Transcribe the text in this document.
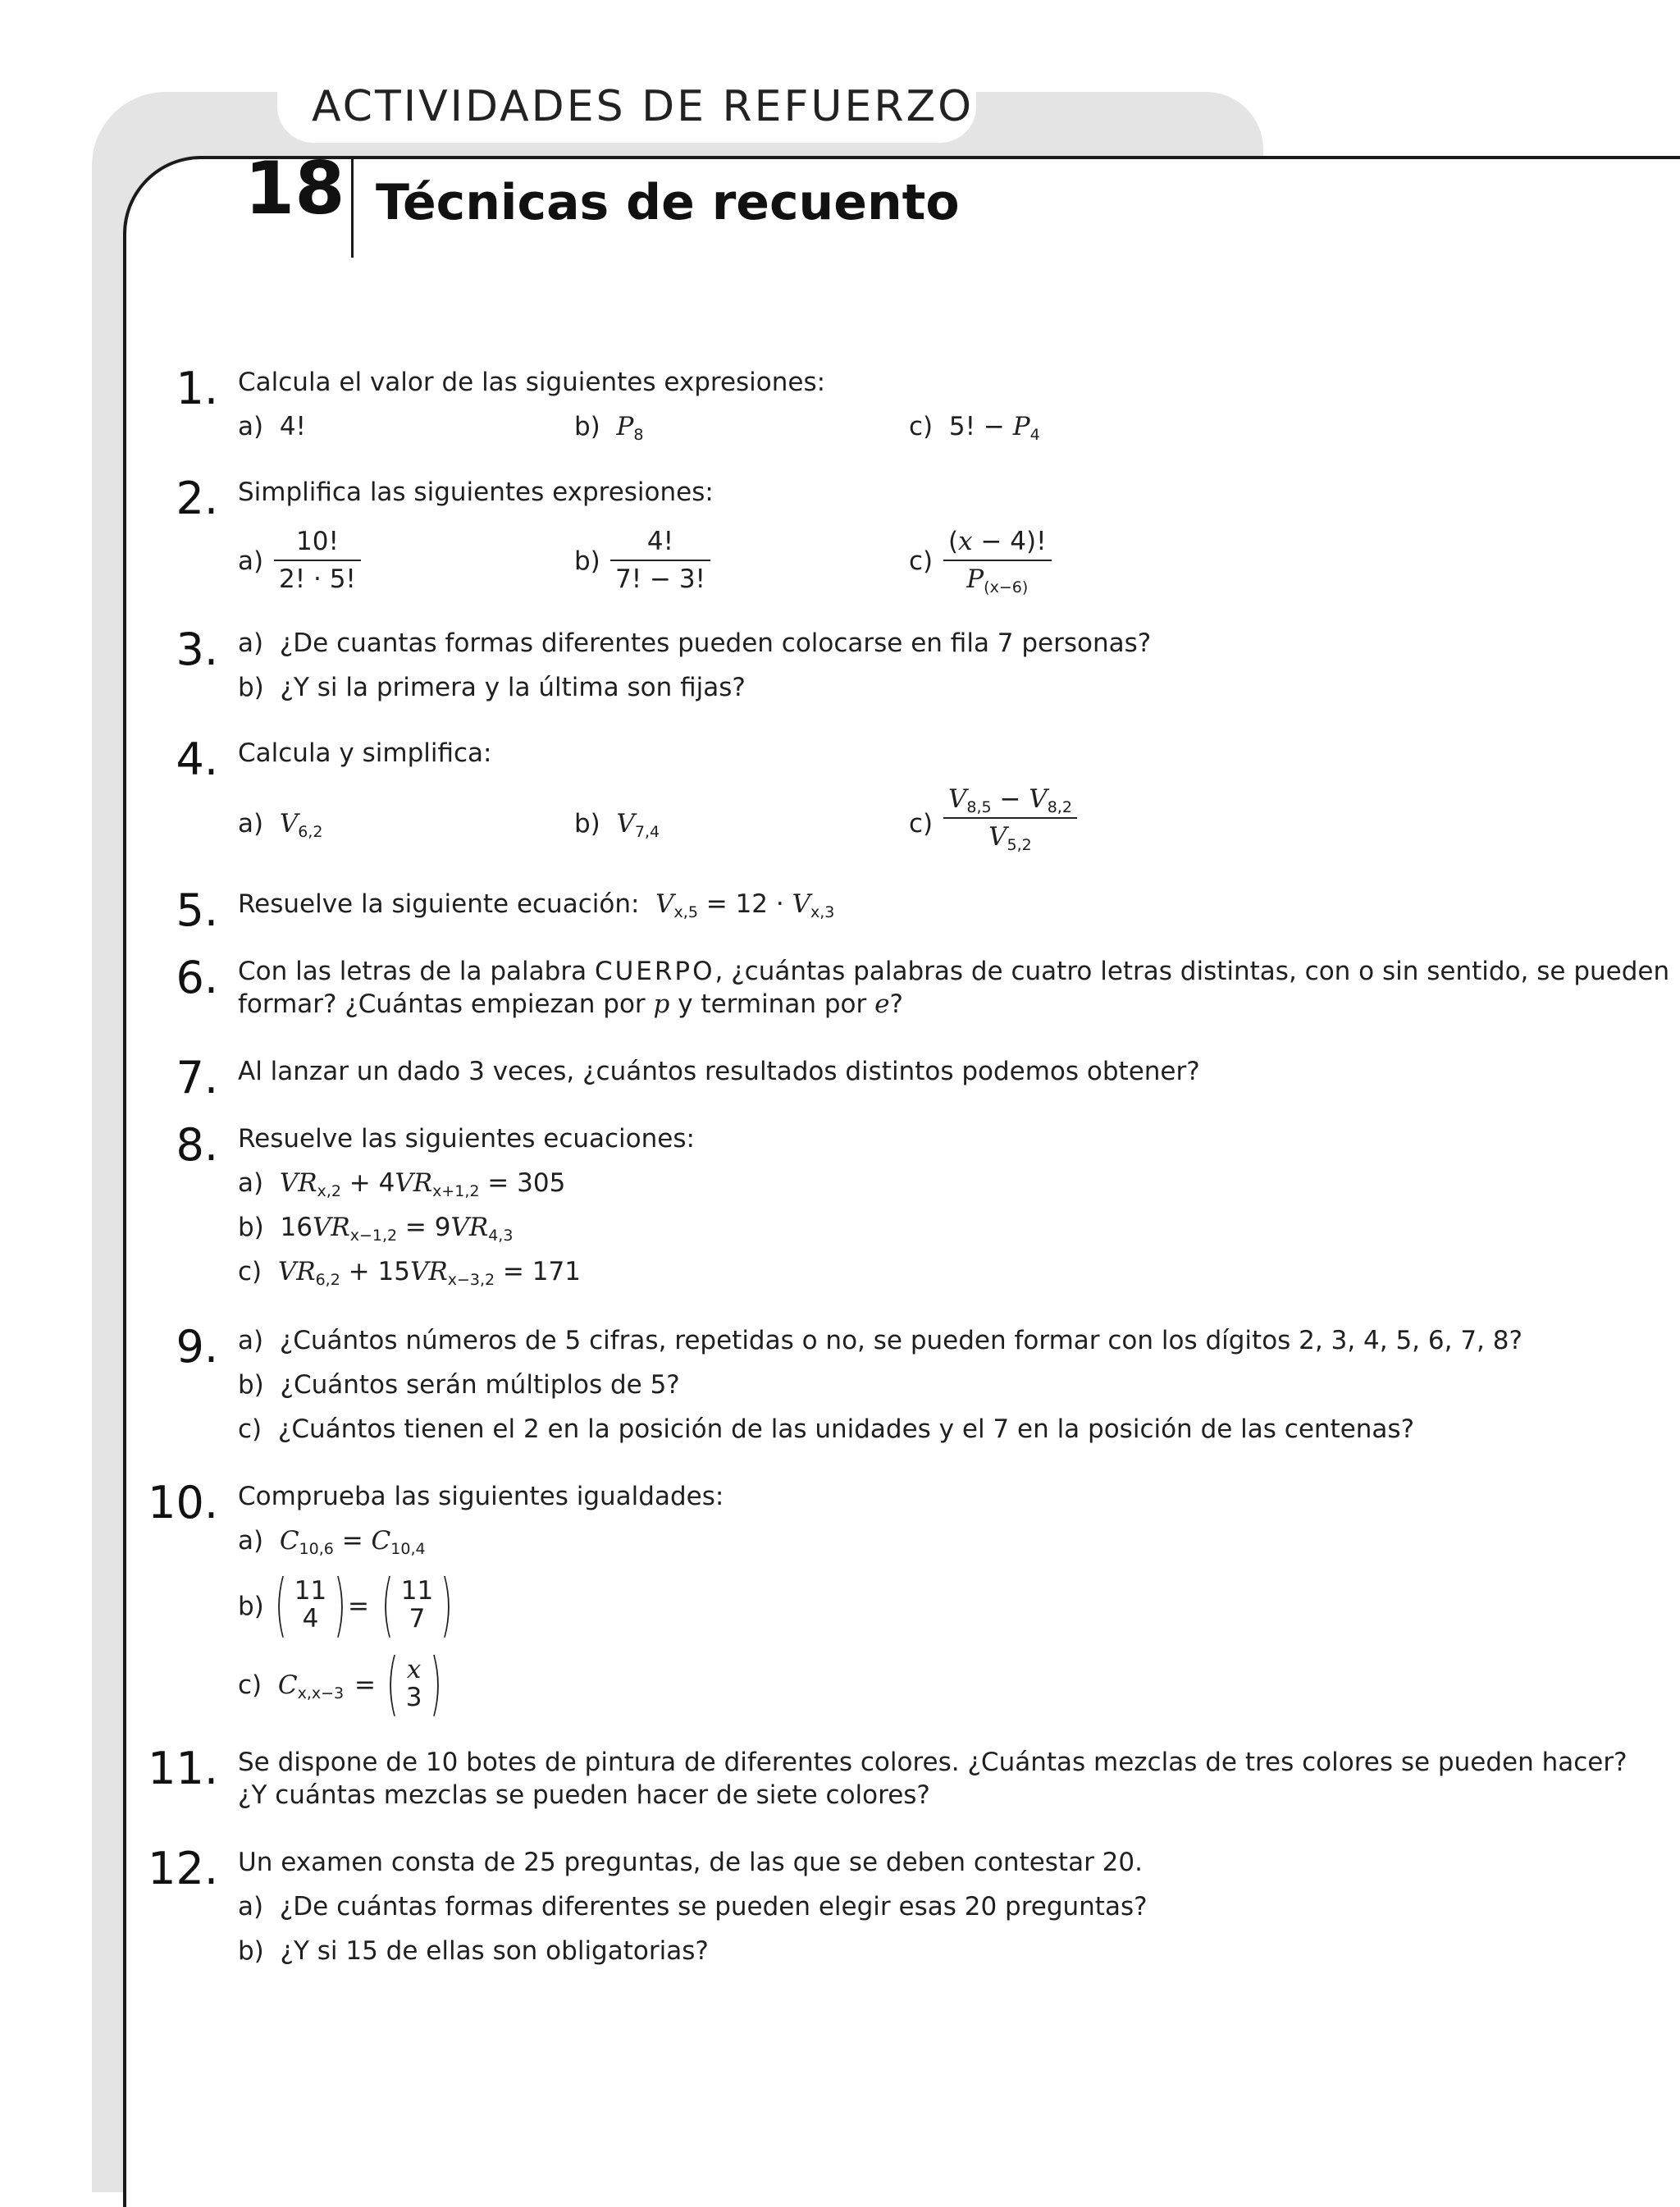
ACTIVIDADES DE REFUERZO
18 Técnicas de recuento
1. Calcula el valor de las siguientes expresiones:
a) 4!	b) $P_8$	c) 5! − $P_4$
2. Simplifica las siguientes expresiones:
$a) \frac{10!}{2! \cdot 5!}$	$b) \frac{4!}{7! - 3!}$	$c) \frac{(x - 4)!}{P_{(x-6)}}$
3. a) ¿De cuantas formas diferentes pueden colocarse en fila 7 personas?
b) ¿Y si la primera y la última son fijas?
4. Calcula y simplifica:
a) $V_{6,2}$	b) $V_{7,4}$	$c) \frac{V_{8,5} - V_{8,2}}{V_{5,2}}$
5. Resuelve la siguiente ecuación: $V_{x,5} = 12 \cdot V_{x,3}$
6. Con las letras de la palabra CUERPO, ¿cuántas palabras de cuatro letras distintas, con o sin sentido, se pueden
formar? ¿Cuántas empiezan por p y terminan por e?
7. Al lanzar un dado 3 veces, ¿cuántos resultados distintos podemos obtener?
8. Resuelve las siguientes ecuaciones:
a) $VR_{x,2} + 4VR_{x+1,2} = 305$
b) $16VR_{x-1,2} = 9VR_{4,3}$
c) $VR_{6,2} + 15VR_{x-3,2} = 171$
9. a) ¿Cuántos números de 5 cifras, repetidas o no, se pueden formar con los dígitos 2, 3, 4, 5, 6, 7, 8?
b) ¿Cuántos serán múltiplos de 5?
c) ¿Cuántos tienen el 2 en la posición de las unidades y el 7 en la posición de las centenas?
10. Comprueba las siguientes igualdades:
a) $C_{10,6} = C_{10,4}$
b) ( 11
4 ) = ( 11
7 )
c) $C_{x,x-3}$ = ( x
3 )
11. Se dispone de 10 botes de pintura de diferentes colores. ¿Cuántas mezclas de tres colores se pueden hacer?
¿Y cuántas mezclas se pueden hacer de siete colores?
12. Un examen consta de 25 preguntas, de las que se deben contestar 20.
a) ¿De cuántas formas diferentes se pueden elegir esas 20 preguntas?
b) ¿Y si 15 de ellas son obligatorias?
